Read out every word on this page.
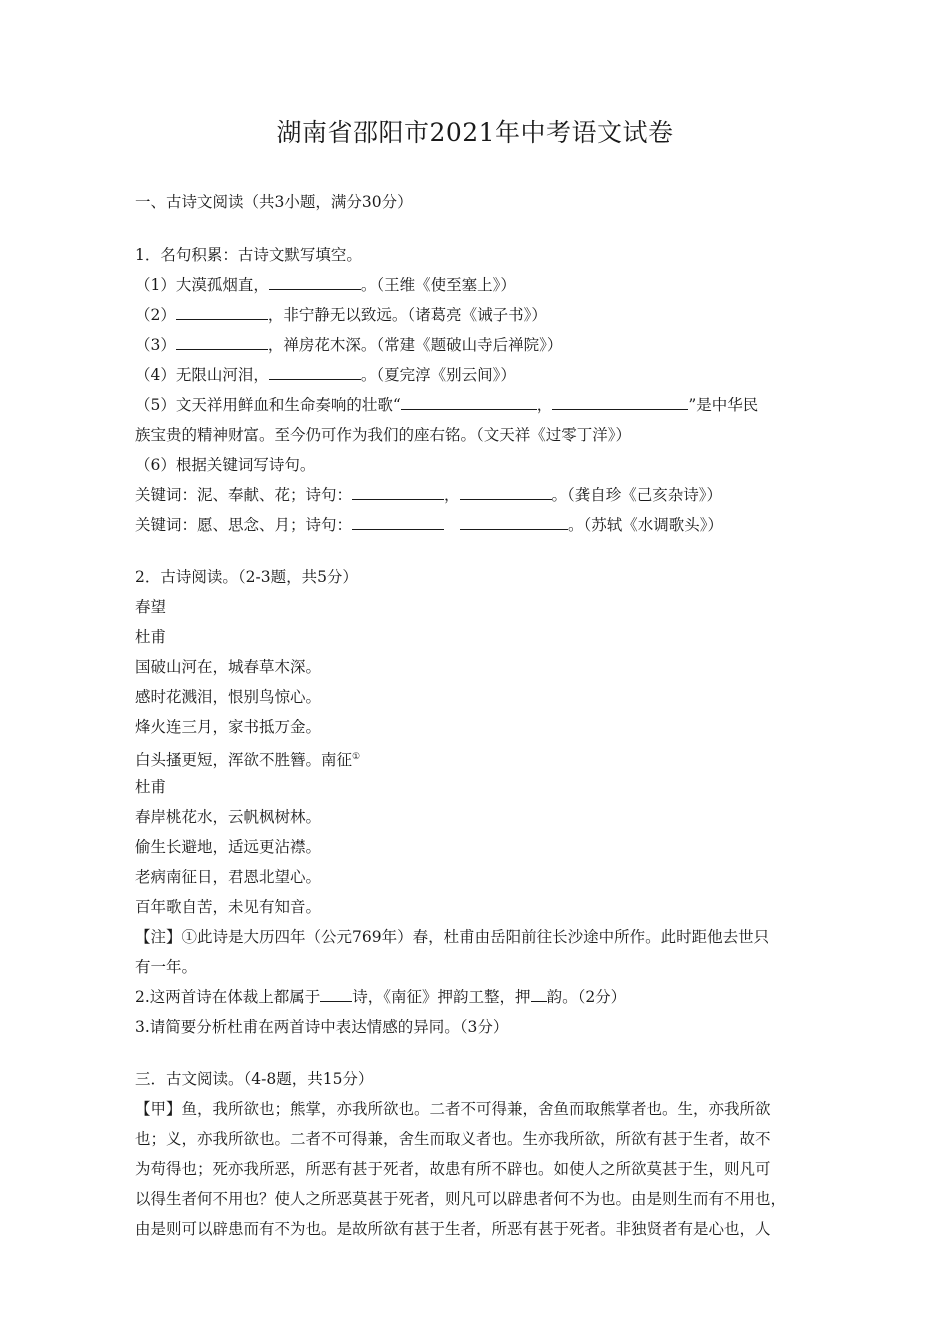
湖南省邵阳市2021年中考语文试卷
一、古诗文阅读（共3小题，满分30分）
1．名句积累：古诗文默写填空。
（1）大漠孤烟直，	。（王维《使至塞上》）
（2）	，非宁静无以致远。（诸葛亮《诫子书》）
（3）	，禅房花木深。（常建《题破山寺后禅院》）
（4）无限山河泪，	。（夏完淳《别云间》）
（5）文天祥用鲜血和生命奏响的壮歌“	，	”是中华民
族宝贵的精神财富。至今仍可作为我们的座右铭。（文天祥《过零丁洋》）
（6）根据关键词写诗句。
关键词：泥、奉献、花；诗句：	，	。（龚自珍《己亥杂诗》）
关键词：愿、思念、月；诗句：	。（苏轼《水调歌头》）
2．古诗阅读。（2-3题，共5分）
春望
杜甫
国破山河在，城春草木深。
感时花溅泪，恨别鸟惊心。
烽火连三月，家书抵万金。
白头搔更短，浑欲不胜簪。南征①
杜甫
春岸桃花水，云帆枫树林。
偷生长避地，适远更沾襟。
老病南征日，君恩北望心。
百年歌自苦，未见有知音。
【注】①此诗是大历四年（公元769年）春，杜甫由岳阳前往长沙途中所作。此时距他去世只
有一年。
2.这两首诗在体裁上都属于 诗，《南征》押韵工整，押 韵。（2分）
3.请简要分析杜甫在两首诗中表达情感的异同。（3分）
三．古文阅读。（4-8题，共15分）
【甲】鱼，我所欲也；熊掌，亦我所欲也。二者不可得兼，舍鱼而取熊掌者也。生，亦我所欲
也；义，亦我所欲也。二者不可得兼，舍生而取义者也。生亦我所欲，所欲有甚于生者，故不
为苟得也；死亦我所恶，所恶有甚于死者，故患有所不辟也。如使人之所欲莫甚于生，则凡可
以得生者何不用也？使人之所恶莫甚于死者，则凡可以辟患者何不为也。由是则生而有不用也，
由是则可以辟患而有不为也。是故所欲有甚于生者，所恶有甚于死者。非独贤者有是心也，人
